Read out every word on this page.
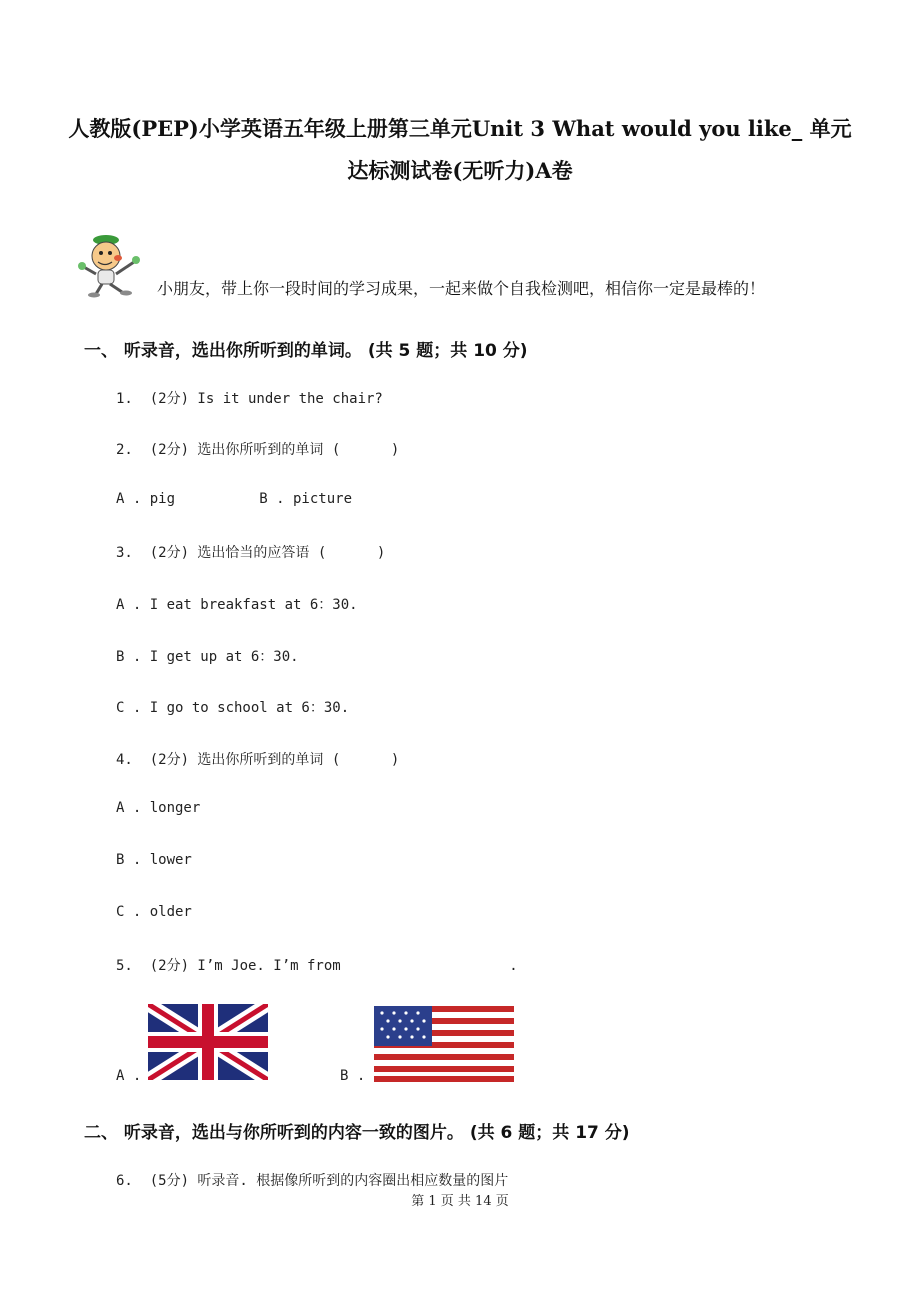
人教版(PEP)小学英语五年级上册第三单元Unit 3 What would you like_ 单元
达标测试卷(无听力)A卷
小朋友，带上你一段时间的学习成果，一起来做个自我检测吧，相信你一定是最棒的！
一、 听录音，选出你所听到的单词。 (共 5 题；共 10 分)
1.  (2分) Is it under the chair?
2.  (2分) 选出你所听到的单词 (      )
A . pig          B . picture
3.  (2分) 选出恰当的应答语 (      )
A . I eat breakfast at 6：30.
B . I get up at 6：30.
C . I go to school at 6：30.
4.  (2分) 选出你所听到的单词 (      )
A . longer
B . lower
C . older
5.  (2分) I’m Joe. I’m from                    .
A .	B .
二、 听录音，选出与你所听到的内容一致的图片。 (共 6 题；共 17 分)
6.  (5分) 听录音. 根据像所听到的内容圈出相应数量的图片
第 1 页 共 14 页
